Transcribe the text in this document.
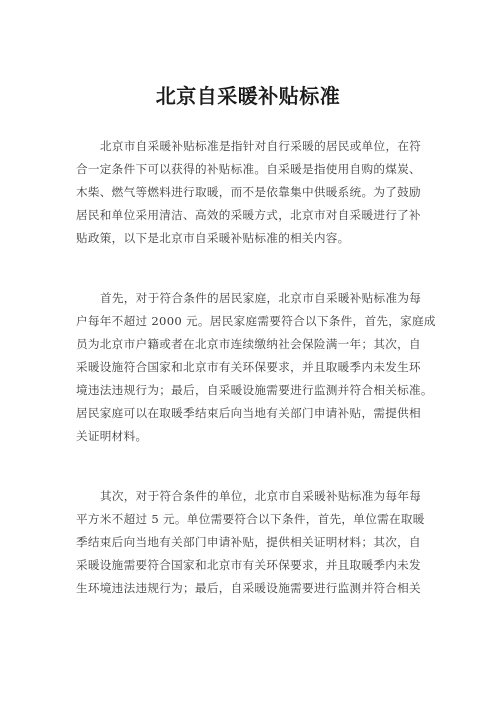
北京自采暖补贴标准
北京市自采暖补贴标准是指针对自行采暖的居民或单位，在符
合一定条件下可以获得的补贴标准。自采暖是指使用自购的煤炭、
木柴、燃气等燃料进行取暖，而不是依靠集中供暖系统。为了鼓励
居民和单位采用清洁、高效的采暖方式，北京市对自采暖进行了补
贴政策，以下是北京市自采暖补贴标准的相关内容。
首先，对于符合条件的居民家庭，北京市自采暖补贴标准为每
户每年不超过 2000 元。居民家庭需要符合以下条件，首先，家庭成
员为北京市户籍或者在北京市连续缴纳社会保险满一年；其次，自
采暖设施符合国家和北京市有关环保要求，并且取暖季内未发生环
境违法违规行为；最后，自采暖设施需要进行监测并符合相关标准。
居民家庭可以在取暖季结束后向当地有关部门申请补贴，需提供相
关证明材料。
其次，对于符合条件的单位，北京市自采暖补贴标准为每年每
平方米不超过 5 元。单位需要符合以下条件，首先，单位需在取暖
季结束后向当地有关部门申请补贴，提供相关证明材料；其次，自
采暖设施需要符合国家和北京市有关环保要求，并且取暖季内未发
生环境违法违规行为；最后，自采暖设施需要进行监测并符合相关
